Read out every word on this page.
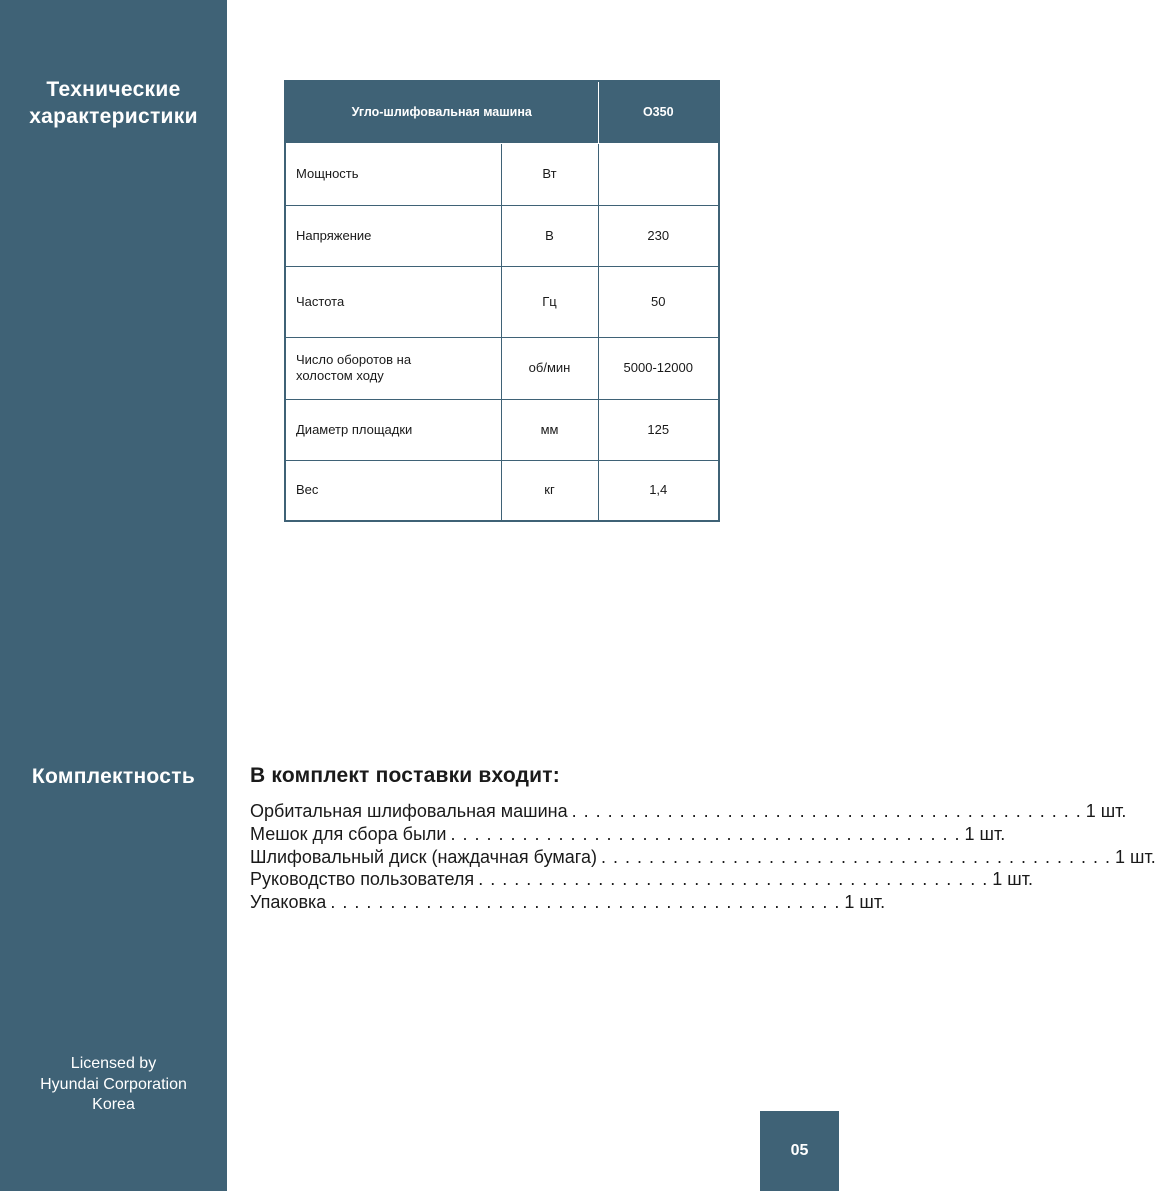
Технические характеристики
Комплектность
Licensed by
Hyundai Corporation
Korea
Угло-шлифовальная машина		O350
Мощность	Вт	
Напряжение	В	230
Частота	Гц	50
Число оборотов на холостом ходу	об/мин	5000-12000
Диаметр площадки	мм	125
Вес	кг	1,4
В комплект поставки входит:
Орбитальная шлифовальная машина . . . . . . . . . . . . . . . . . . . . . . . . . . . . . . . . . . . . . . . . . . . 1 шт.
Мешок для сбора были . . . . . . . . . . . . . . . . . . . . . . . . . . . . . . . . . . . . . . . . . . . 1 шт.
Шлифовальный диск (наждачная бумага) . . . . . . . . . . . . . . . . . . . . . . . . . . . . . . . . . . . . . . . . . . . 1 шт.
Руководство пользователя . . . . . . . . . . . . . . . . . . . . . . . . . . . . . . . . . . . . . . . . . . . 1 шт.
Упаковка . . . . . . . . . . . . . . . . . . . . . . . . . . . . . . . . . . . . . . . . . . . 1 шт.
05
